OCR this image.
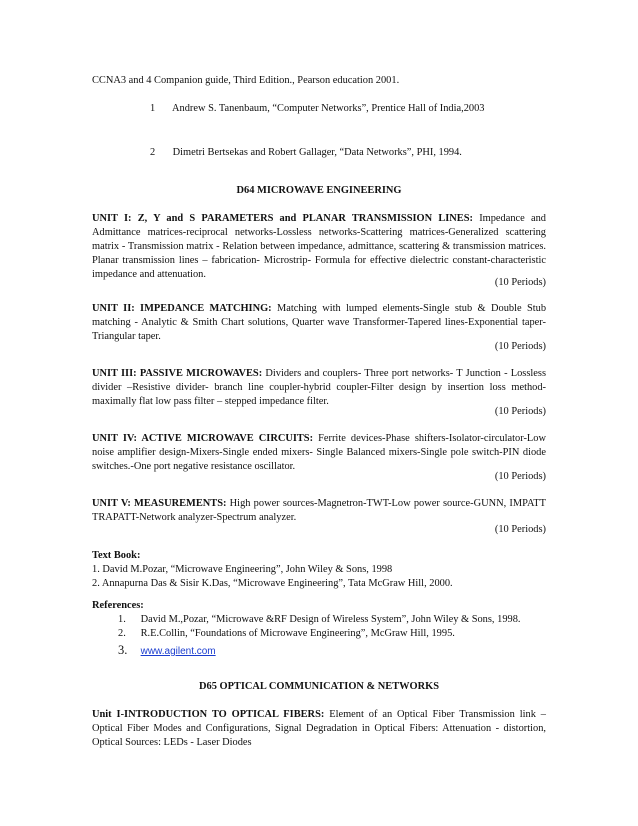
CCNA3 and 4 Companion guide, Third Edition., Pearson education 2001.
1 Andrew S. Tanenbaum, “Computer Networks”, Prentice Hall of India,2003
2 Dimetri Bertsekas and Robert Gallager, “Data Networks”, PHI, 1994.
D64 MICROWAVE ENGINEERING
UNIT I: Z, Y and S PARAMETERS and PLANAR TRANSMISSION LINES: Impedance and Admittance matrices-reciprocal networks-Lossless networks-Scattering matrices-Generalized scattering matrix - Transmission matrix - Relation between impedance, admittance, scattering & transmission matrices. Planar transmission lines – fabrication- Microstrip- Formula for effective dielectric constant-characteristic impedance and attenuation.
(10 Periods)
UNIT II: IMPEDANCE MATCHING: Matching with lumped elements-Single stub & Double Stub matching - Analytic & Smith Chart solutions, Quarter wave Transformer-Tapered lines-Exponential taper-Triangular taper.
(10 Periods)
UNIT III: PASSIVE MICROWAVES: Dividers and couplers- Three port networks- T Junction - Lossless divider –Resistive divider- branch line coupler-hybrid coupler-Filter design by insertion loss method-maximally flat low pass filter – stepped impedance filter.
(10 Periods)
UNIT IV: ACTIVE MICROWAVE CIRCUITS: Ferrite devices-Phase shifters-Isolator-circulator-Low noise amplifier design-Mixers-Single ended mixers- Single Balanced mixers-Single pole switch-PIN diode switches.-One port negative resistance oscillator.
(10 Periods)
UNIT V: MEASUREMENTS: High power sources-Magnetron-TWT-Low power source-GUNN, IMPATT TRAPATT-Network analyzer-Spectrum analyzer.
(10 Periods)
Text Book:
1. David M.Pozar, “Microwave Engineering”, John Wiley & Sons, 1998
2. Annapurna Das & Sisir K.Das, “Microwave Engineering”, Tata McGraw Hill, 2000.
References:
1. David M.,Pozar, “Microwave &RF Design of Wireless System”, John Wiley & Sons, 1998.
2. R.E.Collin, “Foundations of Microwave Engineering”, McGraw Hill, 1995.
3. www.agilent.com
D65 OPTICAL COMMUNICATION & NETWORKS
Unit I-INTRODUCTION TO OPTICAL FIBERS: Element of an Optical Fiber Transmission link – Optical Fiber Modes and Configurations, Signal Degradation in Optical Fibers: Attenuation - distortion, Optical Sources: LEDs - Laser Diodes
